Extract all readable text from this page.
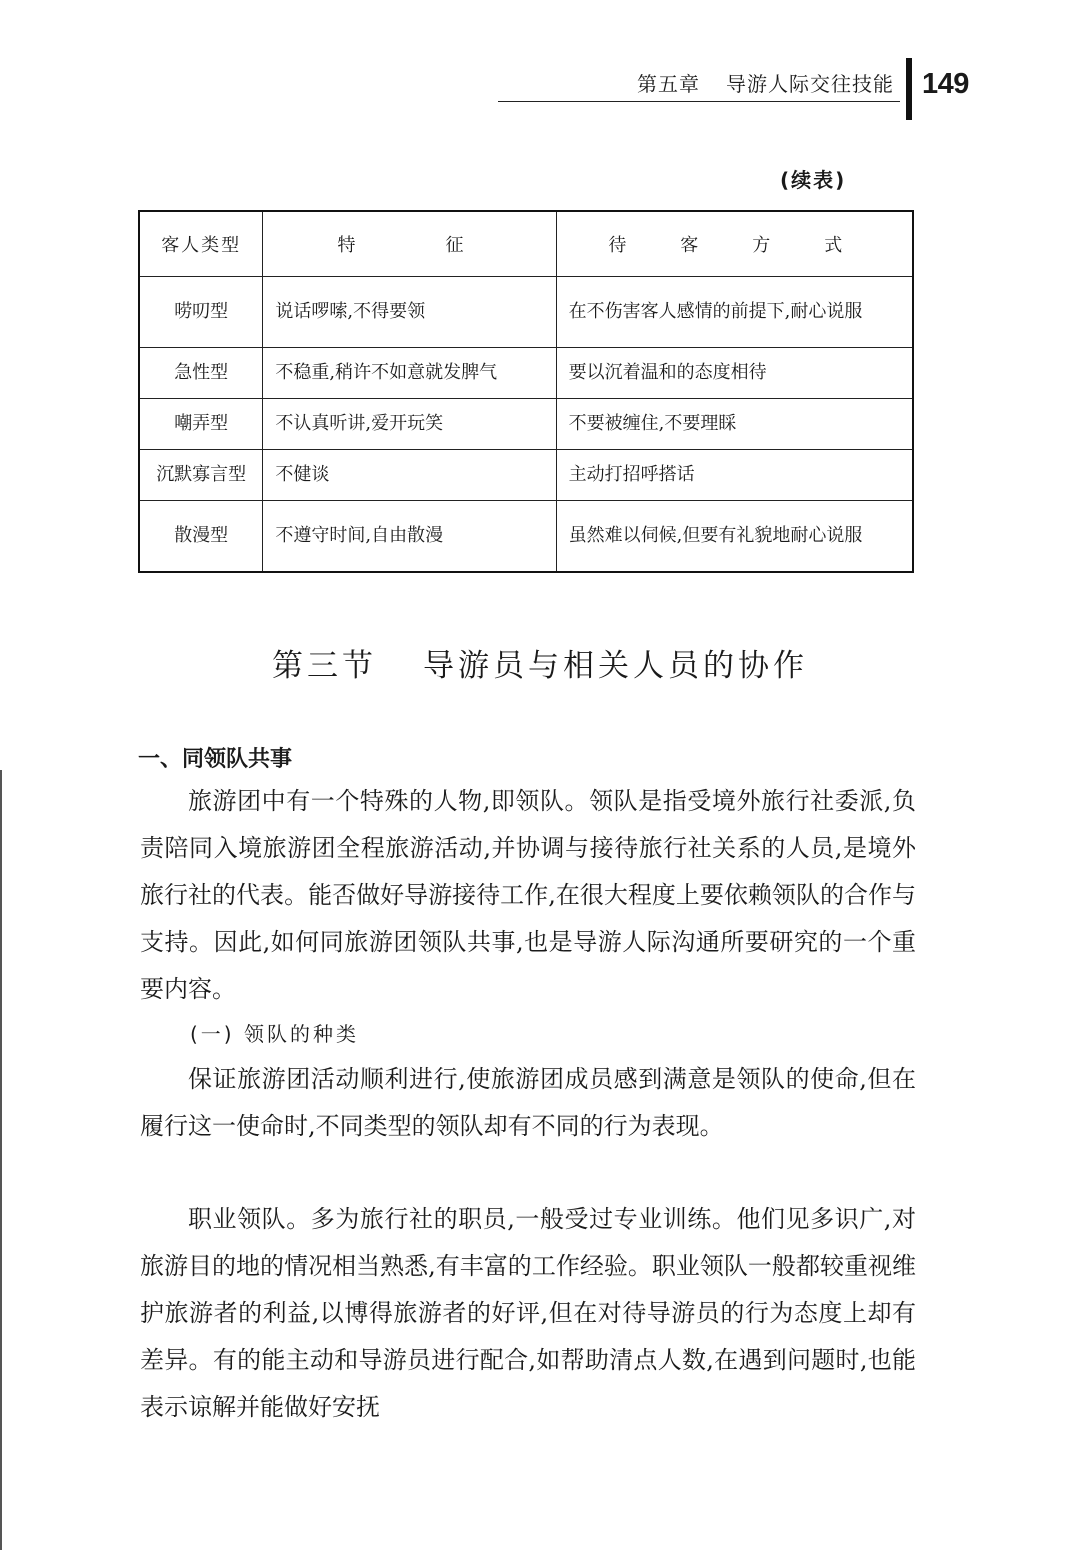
第五章 导游人际交往技能 149
(续表)
客人类型	特　　征	待　客　方　式
唠叨型	说话啰嗦,不得要领	在不伤害客人感情的前提下,耐心说服
急性型	不稳重,稍许不如意就发脾气	要以沉着温和的态度相待
嘲弄型	不认真听讲,爱开玩笑	不要被缠住,不要理睬
沉默寡言型	不健谈	主动打招呼搭话
散漫型	不遵守时间,自由散漫	虽然难以伺候,但要有礼貌地耐心说服
第三节 导游员与相关人员的协作
一、同领队共事

旅游团中有一个特殊的人物,即领队。领队是指受境外旅行社委派,负责陪同入境旅游团全程旅游活动,并协调与接待旅行社关系的人员,是境外旅行社的代表。能否做好导游接待工作,在很大程度上要依赖领队的合作与支持。因此,如何同旅游团领队共事,也是导游人际沟通所要研究的一个重要内容。

(一) 领队的种类

保证旅游团活动顺利进行,使旅游团成员感到满意是领队的使命,但在履行这一使命时,不同类型的领队却有不同的行为表现。

职业领队。多为旅行社的职员,一般受过专业训练。他们见多识广,对旅游目的地的情况相当熟悉,有丰富的工作经验。职业领队一般都较重视维护旅游者的利益,以博得旅游者的好评,但在对待导游员的行为态度上却有差异。有的能主动和导游员进行配合,如帮助清点人数,在遇到问题时,也能表示谅解并能做好安抚
